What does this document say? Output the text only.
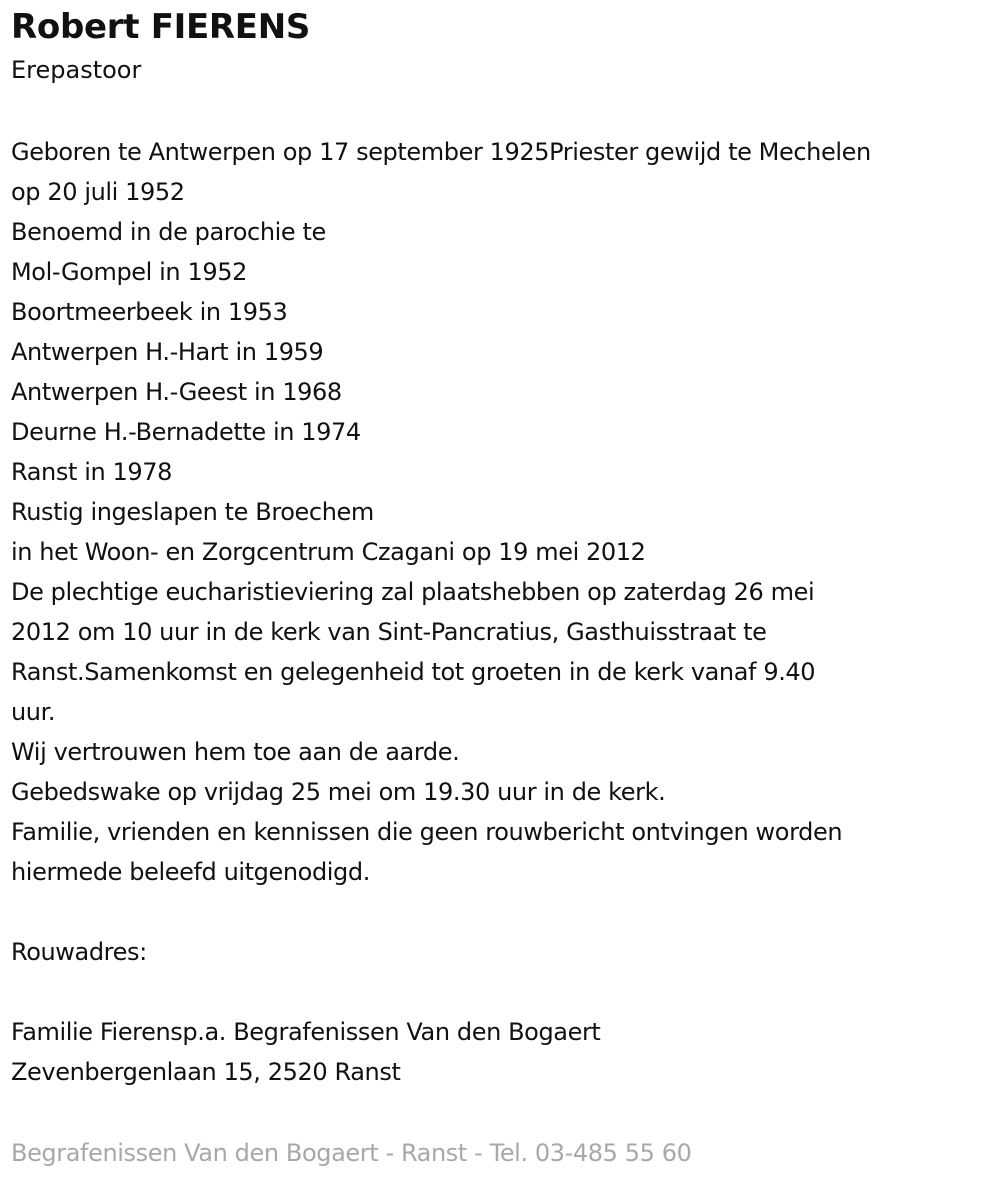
Robert FIERENS

Erepastoor

Geboren te Antwerpen op 17 september 1925Priester gewijd te Mechelen
op 20 juli 1952
Benoemd in de parochie te
Mol-Gompel in 1952
Boortmeerbeek in 1953
Antwerpen H.-Hart in 1959
Antwerpen H.-Geest in 1968
Deurne H.-Bernadette in 1974
Ranst in 1978
Rustig ingeslapen te Broechem
in het Woon- en Zorgcentrum Czagani op 19 mei 2012
De plechtige eucharistieviering zal plaatshebben op zaterdag 26 mei
2012 om 10 uur in de kerk van Sint-Pancratius, Gasthuisstraat te
Ranst.Samenkomst en gelegenheid tot groeten in de kerk vanaf 9.40
uur.
Wij vertrouwen hem toe aan de aarde.
Gebedswake op vrijdag 25 mei om 19.30 uur in de kerk.
Familie, vrienden en kennissen die geen rouwbericht ontvingen worden
hiermede beleefd uitgenodigd.
Rouwadres:
Familie Fierensp.a. Begrafenissen Van den Bogaert
Zevenbergenlaan 15, 2520 Ranst
Begrafenissen Van den Bogaert - Ranst - Tel. 03-485 55 60
